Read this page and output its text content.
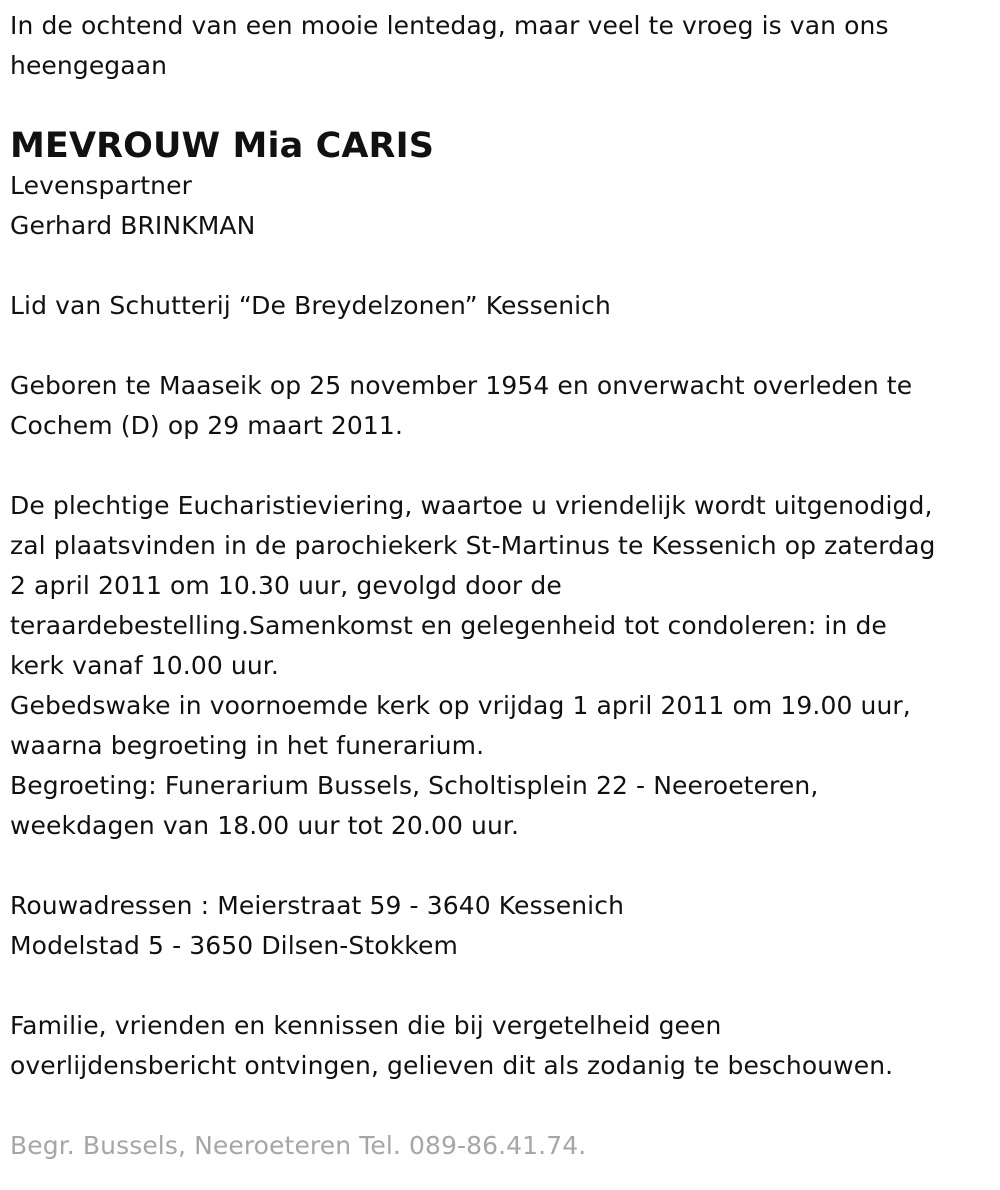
In de ochtend van een mooie lentedag, maar veel te vroeg is van ons
heengegaan
MEVROUW Mia CARIS
Levenspartner
Gerhard BRINKMAN
Lid van Schutterij “De Breydelzonen” Kessenich
Geboren te Maaseik op 25 november 1954 en onverwacht overleden te
Cochem (D) op 29 maart 2011.
De plechtige Eucharistieviering, waartoe u vriendelijk wordt uitgenodigd,
zal plaatsvinden in de parochiekerk St-Martinus te Kessenich op zaterdag
2 april 2011 om 10.30 uur, gevolgd door de
teraardebestelling.Samenkomst en gelegenheid tot condoleren: in de
kerk vanaf 10.00 uur.
Gebedswake in voornoemde kerk op vrijdag 1 april 2011 om 19.00 uur,
waarna begroeting in het funerarium.
Begroeting: Funerarium Bussels, Scholtisplein 22 - Neeroeteren,
weekdagen van 18.00 uur tot 20.00 uur.
Rouwadressen : Meierstraat 59 - 3640 Kessenich
Modelstad 5 - 3650 Dilsen-Stokkem
Familie, vrienden en kennissen die bij vergetelheid geen
overlijdensbericht ontvingen, gelieven dit als zodanig te beschouwen.
Begr. Bussels, Neeroeteren Tel. 089-86.41.74.
